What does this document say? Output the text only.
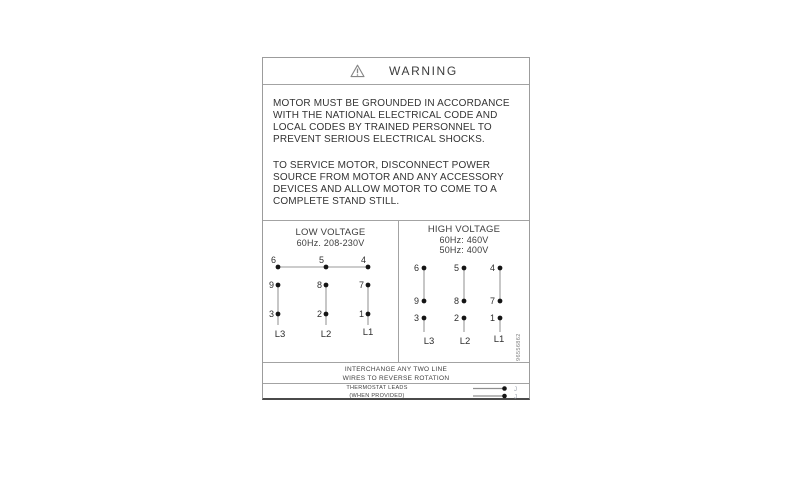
WARNING
MOTOR MUST BE GROUNDED IN ACCORDANCE
WITH THE NATIONAL ELECTRICAL CODE AND
LOCAL CODES BY TRAINED PERSONNEL TO
PREVENT SERIOUS ELECTRICAL SHOCKS.
TO SERVICE MOTOR, DISCONNECT POWER
SOURCE FROM MOTOR AND ANY ACCESSORY
DEVICES AND ALLOW MOTOR TO COME TO A
COMPLETE STAND STILL.
LOW VOLTAGE
60Hz. 208-230V
HIGH VOLTAGE
60Hz: 460V
50Hz: 400V
6	5	4
9	8	7
3	2	1
L3	L2	L1
6	5	4
9	8	7
3	2	1
L3	L2 L1 96556862
INTERCHANGE ANY TWO LINE
WIRES TO REVERSE ROTATION
THERMOSTAT LEADS
(WHEN PROVIDED)
J
J
